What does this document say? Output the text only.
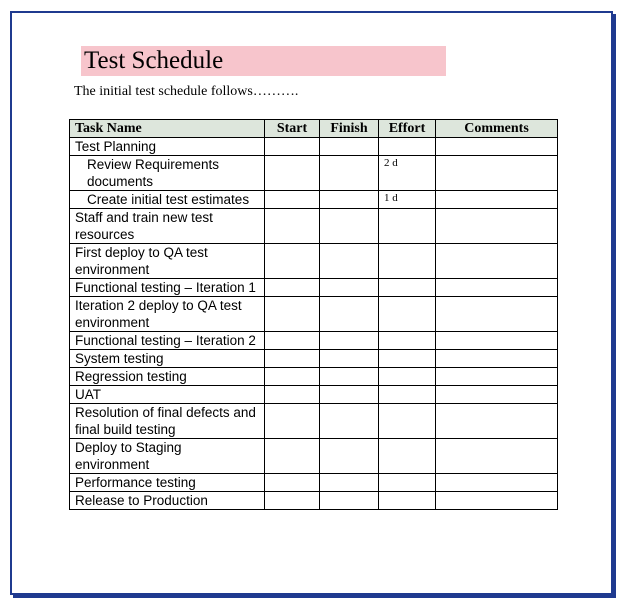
Test Schedule
The initial test schedule follows……….
Task Name	Start	Finish	Effort	Comments
Test Planning				
Review Requirements documents			2 d	
Create initial test estimates			1 d	
Staff and train new test resources				
First deploy to QA test environment				
Functional testing – Iteration 1				
Iteration 2 deploy to QA test environment				
Functional testing – Iteration 2				
System testing				
Regression testing				
UAT				
Resolution of final defects and final build testing				
Deploy to Staging environment				
Performance testing				
Release to Production				
